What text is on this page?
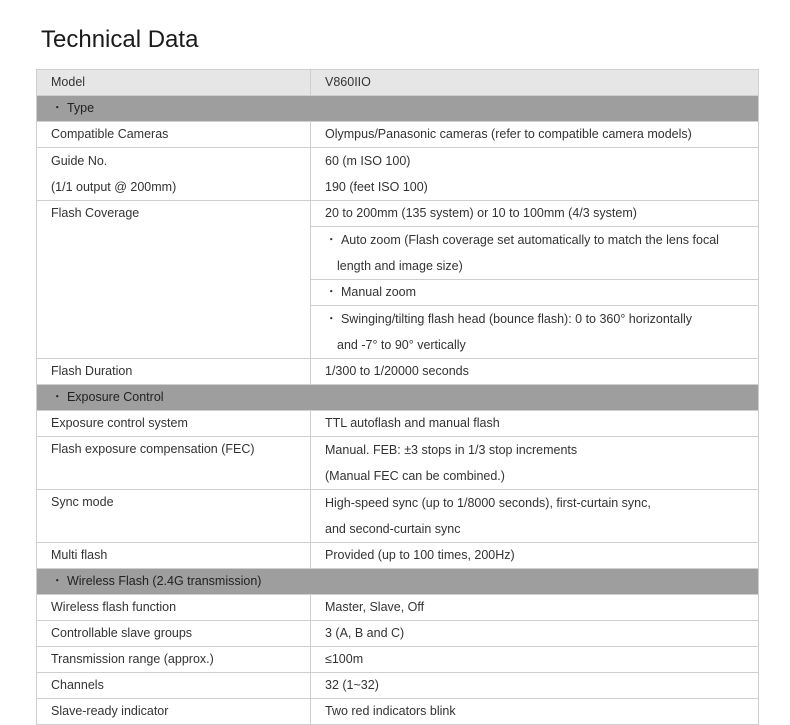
Technical Data
Model	V860IIO
・ Type	
Compatible Cameras	Olympus/Panasonic cameras (refer to compatible camera models)

Guide No.
(1/1 output @ 200mm)	60 (m ISO 100)
190 (feet ISO 100)

Flash Coverage	20 to 200mm (135 system) or 10 to 100mm (4/3 system)

	・ Auto zoom (Flash coverage set automatically to match the lens focal
length and image size)

	・ Manual zoom

	・ Swinging/tilting flash head (bounce flash): 0 to 360° horizontally
and -7° to 90° vertically

Flash Duration	1/300 to 1/20000 seconds
・ Exposure Control	
Exposure control system	TTL autoflash and manual flash
Flash exposure compensation (FEC)	Manual. FEB: ±3 stops in 1/3 stop increments
(Manual FEC can be combined.)

Sync mode	High-speed sync (up to 1/8000 seconds), first-curtain sync,
and second-curtain sync

Multi flash	Provided (up to 100 times, 200Hz)
・ Wireless Flash (2.4G transmission)	
Wireless flash function	Master, Slave, Off
Controllable slave groups	3 (A, B and C)
Transmission range (approx.)	≤100m
Channels	32 (1~32)
Slave-ready indicator	Two red indicators blink
